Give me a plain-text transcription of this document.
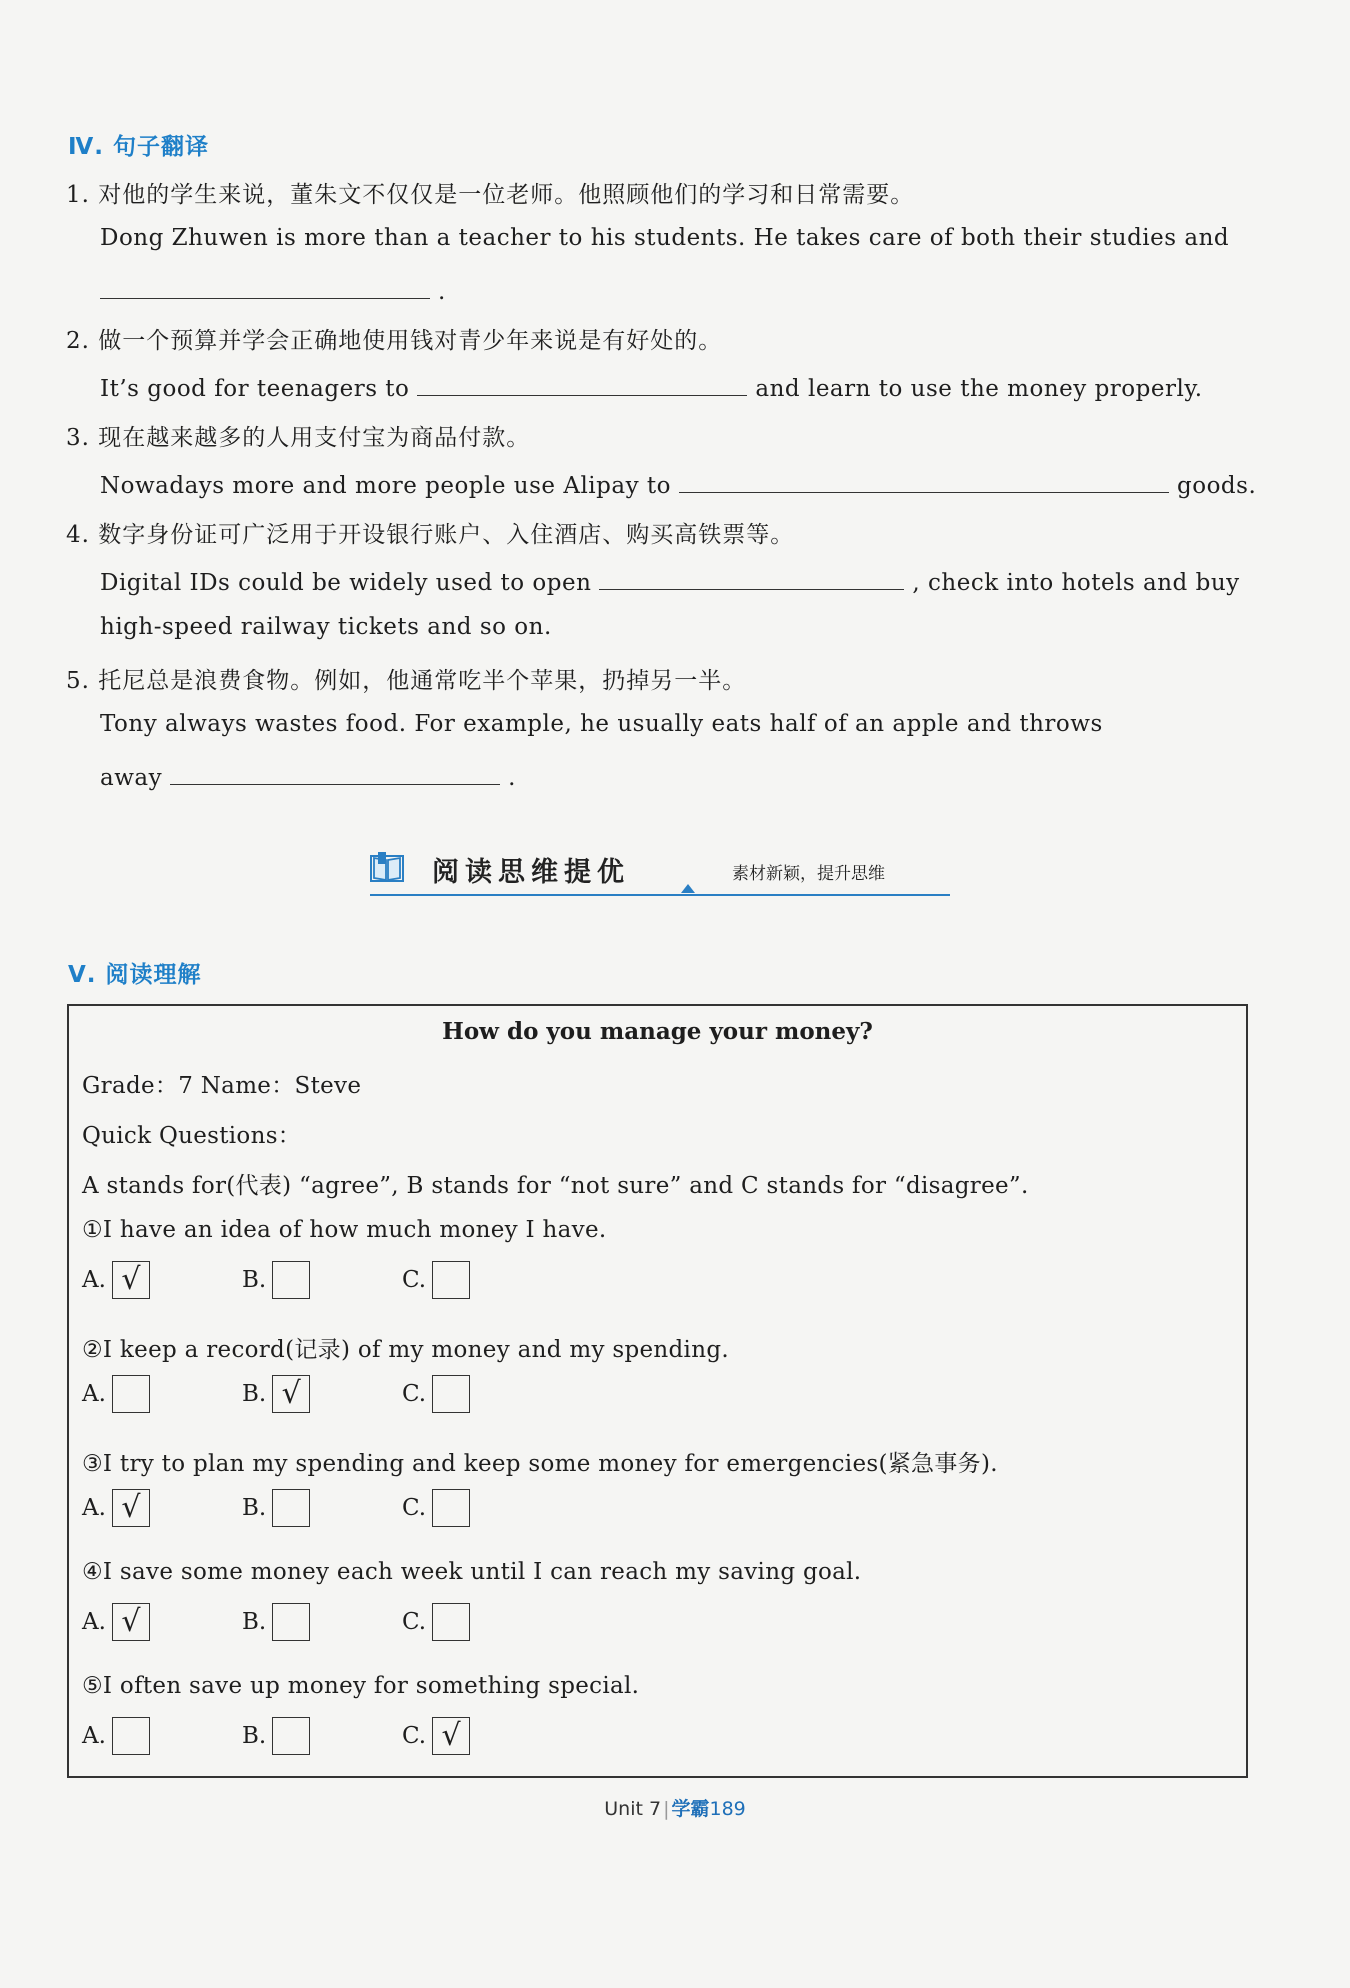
Ⅳ. 句子翻译
1. 对他的学生来说，董朱文不仅仅是一位老师。他照顾他们的学习和日常需要。
Dong Zhuwen is more than a teacher to his students. He takes care of both their studies and
.
2. 做一个预算并学会正确地使用钱对青少年来说是有好处的。
It’s good for teenagers to	and learn to use the money properly.
3. 现在越来越多的人用支付宝为商品付款。
Nowadays more and more people use Alipay to	goods.
4. 数字身份证可广泛用于开设银行账户、入住酒店、购买高铁票等。
Digital IDs could be widely used to open	, check into hotels and buy
high-speed railway tickets and so on.
5. 托尼总是浪费食物。例如，他通常吃半个苹果，扔掉另一半。
Tony always wastes food. For example, he usually eats half of an apple and throws
away	.
阅读思维提优	素材新颖，提升思维
Ⅴ. 阅读理解
How do you manage your money?
Grade：7 Name：Steve
Quick Questions：
A stands for(代表) “agree”, B stands for “not sure” and C stands for “disagree”.
①I have an idea of how much money I have.
A. √	B.	C.
②I keep a record(记录) of my money and my spending.
A.	B. √	C.
③I try to plan my spending and keep some money for emergencies(紧急事务).
A. √	B.	C.
④I save some money each week until I can reach my saving goal.
A. √	B.	C.
⑤I often save up money for something special.
A.	B.	C. √
Unit 7 | 学霸189
